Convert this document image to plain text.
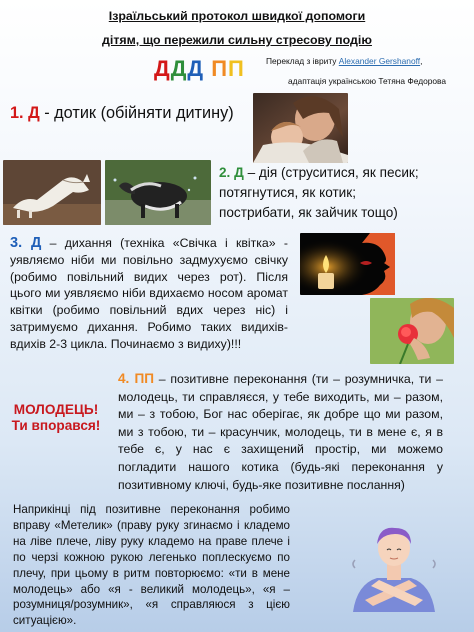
Ізраїльський протокол швидкої допомоги
дітям, що пережили сильну стресову подію
ДДД ПП	Переклад з івриту Alexander Gershanoff,
адаптація українською Тетяна Федорова
1. Д - дотик (обійняти дитину)
2. Д – дія (струситися, як песик;
потягнутися, як котик;
пострибати, як зайчик тощо)
3. Д – дихання (техніка «Свічка і квітка» - уявляємо ніби ми повільно задмухуємо свічку (робимо повільний видих через рот). Після цього ми уявляємо ніби вдихаємо носом аромат квітки (робимо повільний вдих через ніс) і затримуємо дихання. Робимо таких видихів-вдихів 2-3 цикла. Починаємо з видиху)!!!
4. ПП – позитивне переконання (ти – розумничка, ти – молодець, ти справляєся, у тебе виходить, ми – разом, ми – з тобою, Бог нас оберігає, як добре що ми разом, ми з тобою, ти – красунчик, молодець, ти в мене є, я в тебе є, у нас є захищений простір, ми можемо погладити нашого котика (будь-які переконання у позитивному ключі, будь-яке позитивне послання)
МОЛОДЕЦЬ!
Ти впорався!
Наприкінці під позитивне переконання робимо вправу «Метелик» (праву руку згинаємо і кладемо на ліве плече, ліву руку кладемо на праве плече і по черзі кожною рукою легенько поплескуємо по плечу, при цьому в ритм повторюємо: «ти в мене молодець» або «я - великий молодець», «я – розумниця/розумник», «я справляюся з цією ситуацією».
